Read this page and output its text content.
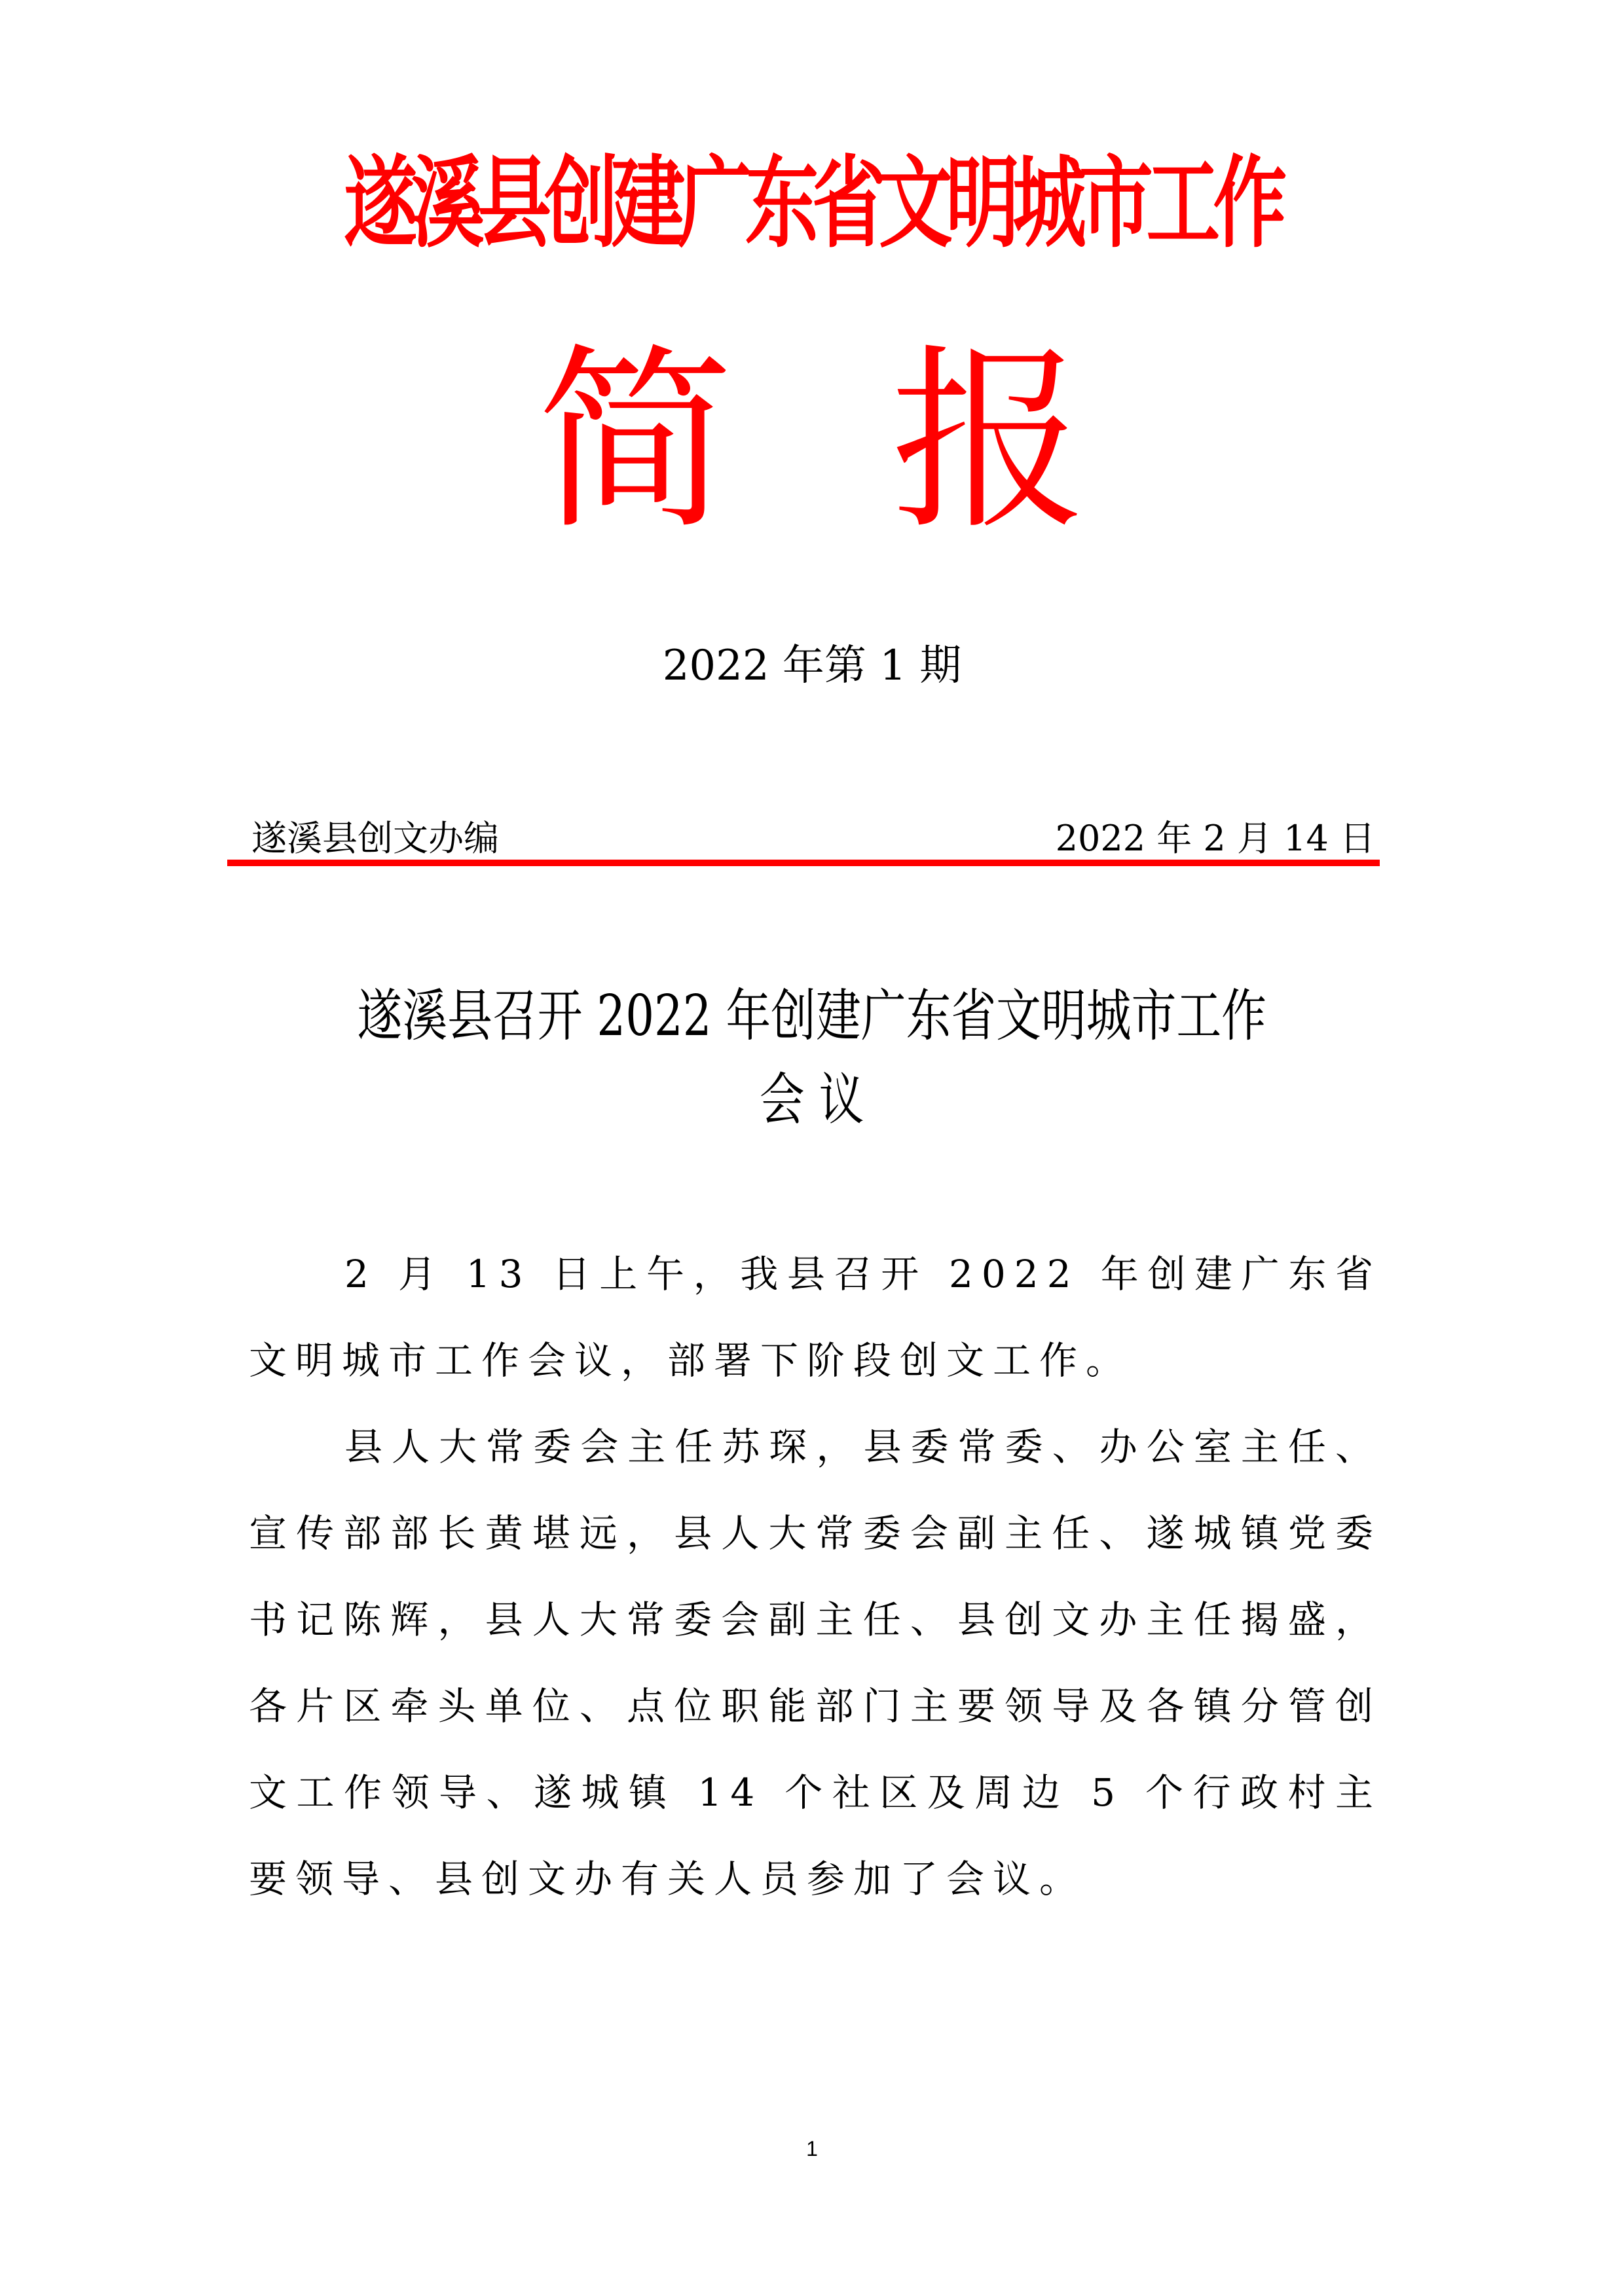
遂溪县创建广东省文明城市工作
简 报
2022 年第 1 期
遂溪县创文办编	2022 年 2 月 14 日
遂溪县召开 2022 年创建广东省文明城市工作
会 议

2 月 13 日上午，我县召开 2022 年创建广东省文明城市工作会议，部署下阶段创文工作。

县人大常委会主任苏琛，县委常委、办公室主任、宣传部部长黄堪远，县人大常委会副主任、遂城镇党委书记陈辉，县人大常委会副主任、县创文办主任揭盛，各片区牵头单位、点位职能部门主要领导及各镇分管创文工作领导、遂城镇 14 个社区及周边 5 个行政村主要领导、县创文办有关人员参加了会议。

1
